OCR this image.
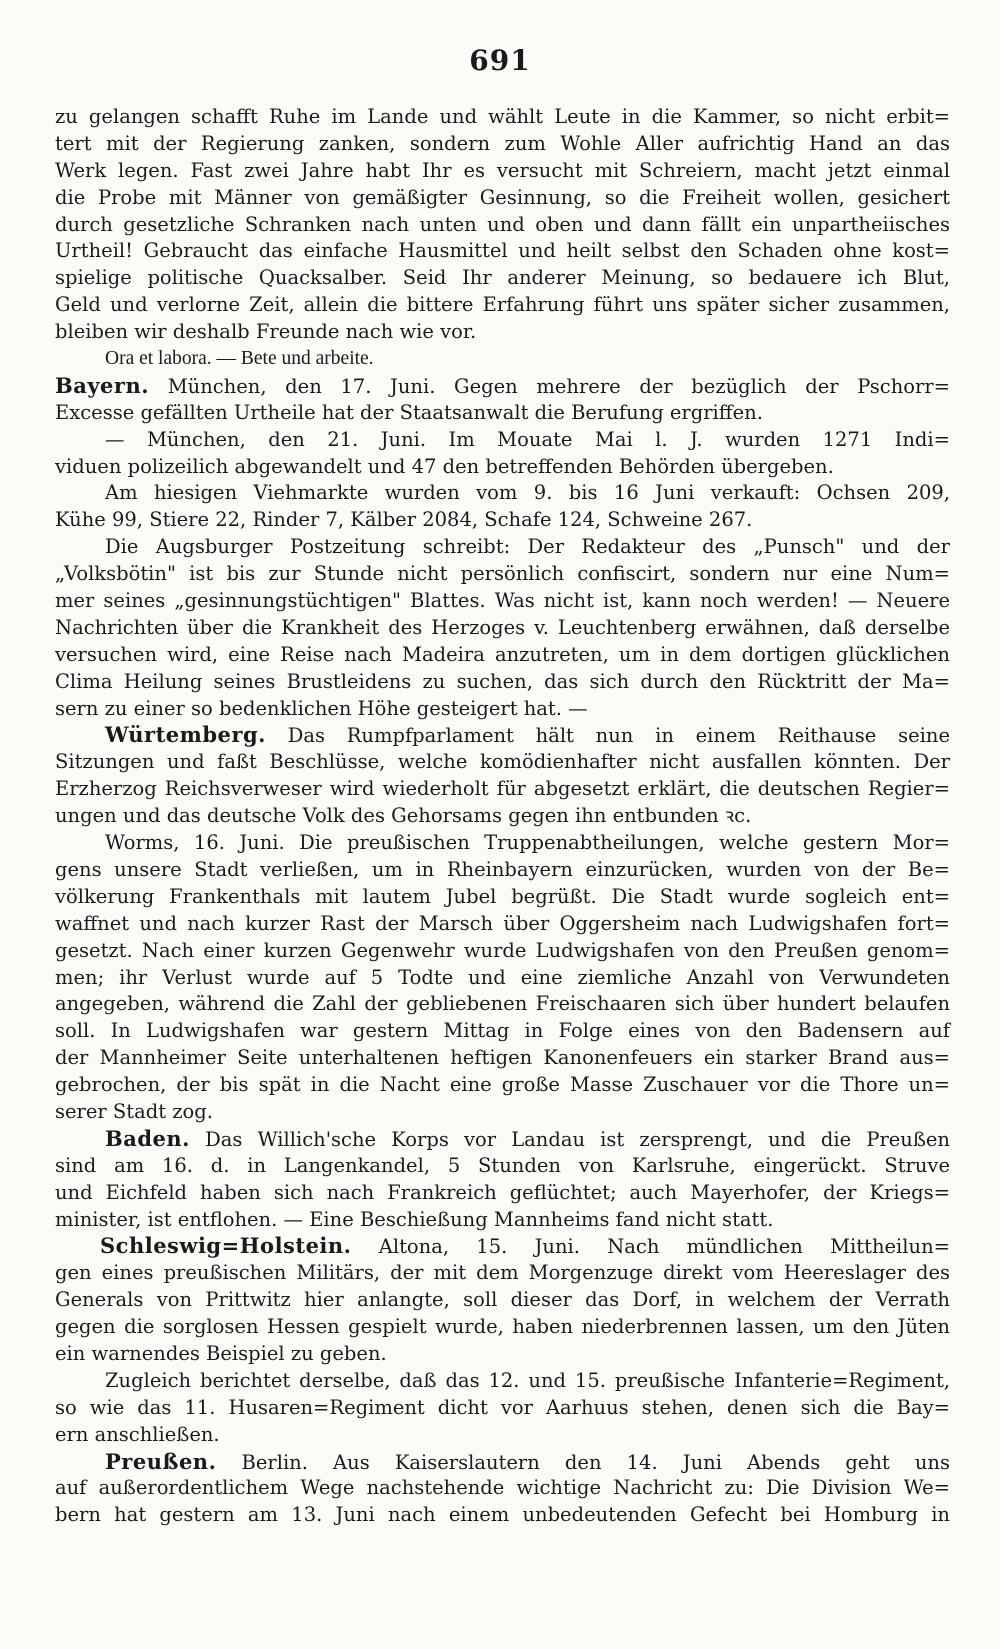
691
zu gelangen schafft Ruhe im Lande und wählt Leute in die Kammer, so nicht erbit=
tert mit der Regierung zanken, sondern zum Wohle Aller aufrichtig Hand an das
Werk legen. Fast zwei Jahre habt Ihr es versucht mit Schreiern, macht jetzt einmal
die Probe mit Männer von gemäßigter Gesinnung, so die Freiheit wollen, gesichert
durch gesetzliche Schranken nach unten und oben und dann fällt ein unpartheiisches
Urtheil! Gebraucht das einfache Hausmittel und heilt selbst den Schaden ohne kost=
spielige politische Quacksalber. Seid Ihr anderer Meinung, so bedauere ich Blut,
Geld und verlorne Zeit, allein die bittere Erfahrung führt uns später sicher zusammen,
bleiben wir deshalb Freunde nach wie vor.
Ora et labora. — Bete und arbeite.
Bayern. München, den 17. Juni. Gegen mehrere der bezüglich der Pschorr=
Excesse gefällten Urtheile hat der Staatsanwalt die Berufung ergriffen.
— München, den 21. Juni. Im Mouate Mai l. J. wurden 1271 Indi=
viduen polizeilich abgewandelt und 47 den betreffenden Behörden übergeben.
Am hiesigen Viehmarkte wurden vom 9. bis 16 Juni verkauft: Ochsen 209,
Kühe 99, Stiere 22, Rinder 7, Kälber 2084, Schafe 124, Schweine 267.
Die Augsburger Postzeitung schreibt: Der Redakteur des „Punsch" und der
„Volksbötin" ist bis zur Stunde nicht persönlich confiscirt, sondern nur eine Num=
mer seines „gesinnungstüchtigen" Blattes. Was nicht ist, kann noch werden! — Neuere
Nachrichten über die Krankheit des Herzoges v. Leuchtenberg erwähnen, daß derselbe
versuchen wird, eine Reise nach Madeira anzutreten, um in dem dortigen glücklichen
Clima Heilung seines Brustleidens zu suchen, das sich durch den Rücktritt der Ma=
sern zu einer so bedenklichen Höhe gesteigert hat. —
Würtemberg. Das Rumpfparlament hält nun in einem Reithause seine
Sitzungen und faßt Beschlüsse, welche komödienhafter nicht ausfallen könnten. Der
Erzherzog Reichsverweser wird wiederholt für abgesetzt erklärt, die deutschen Regier=
ungen und das deutsche Volk des Gehorsams gegen ihn entbunden ꝛc.
Worms, 16. Juni. Die preußischen Truppenabtheilungen, welche gestern Mor=
gens unsere Stadt verließen, um in Rheinbayern einzurücken, wurden von der Be=
völkerung Frankenthals mit lautem Jubel begrüßt. Die Stadt wurde sogleich ent=
waffnet und nach kurzer Rast der Marsch über Oggersheim nach Ludwigshafen fort=
gesetzt. Nach einer kurzen Gegenwehr wurde Ludwigshafen von den Preußen genom=
men; ihr Verlust wurde auf 5 Todte und eine ziemliche Anzahl von Verwundeten
angegeben, während die Zahl der gebliebenen Freischaaren sich über hundert belaufen
soll. In Ludwigshafen war gestern Mittag in Folge eines von den Badensern auf
der Mannheimer Seite unterhaltenen heftigen Kanonenfeuers ein starker Brand aus=
gebrochen, der bis spät in die Nacht eine große Masse Zuschauer vor die Thore un=
serer Stadt zog.
Baden. Das Willich'sche Korps vor Landau ist zersprengt, und die Preußen
sind am 16. d. in Langenkandel, 5 Stunden von Karlsruhe, eingerückt. Struve
und Eichfeld haben sich nach Frankreich geflüchtet; auch Mayerhofer, der Kriegs=
minister, ist entflohen. — Eine Beschießung Mannheims fand nicht statt.
Schleswig=Holstein. Altona, 15. Juni. Nach mündlichen Mittheilun=
gen eines preußischen Militärs, der mit dem Morgenzuge direkt vom Heereslager des
Generals von Prittwitz hier anlangte, soll dieser das Dorf, in welchem der Verrath
gegen die sorglosen Hessen gespielt wurde, haben niederbrennen lassen, um den Jüten
ein warnendes Beispiel zu geben.
Zugleich berichtet derselbe, daß das 12. und 15. preußische Infanterie=Regiment,
so wie das 11. Husaren=Regiment dicht vor Aarhuus stehen, denen sich die Bay=
ern anschließen.
Preußen. Berlin. Aus Kaiserslautern den 14. Juni Abends geht uns
auf außerordentlichem Wege nachstehende wichtige Nachricht zu: Die Division We=
bern hat gestern am 13. Juni nach einem unbedeutenden Gefecht bei Homburg in
